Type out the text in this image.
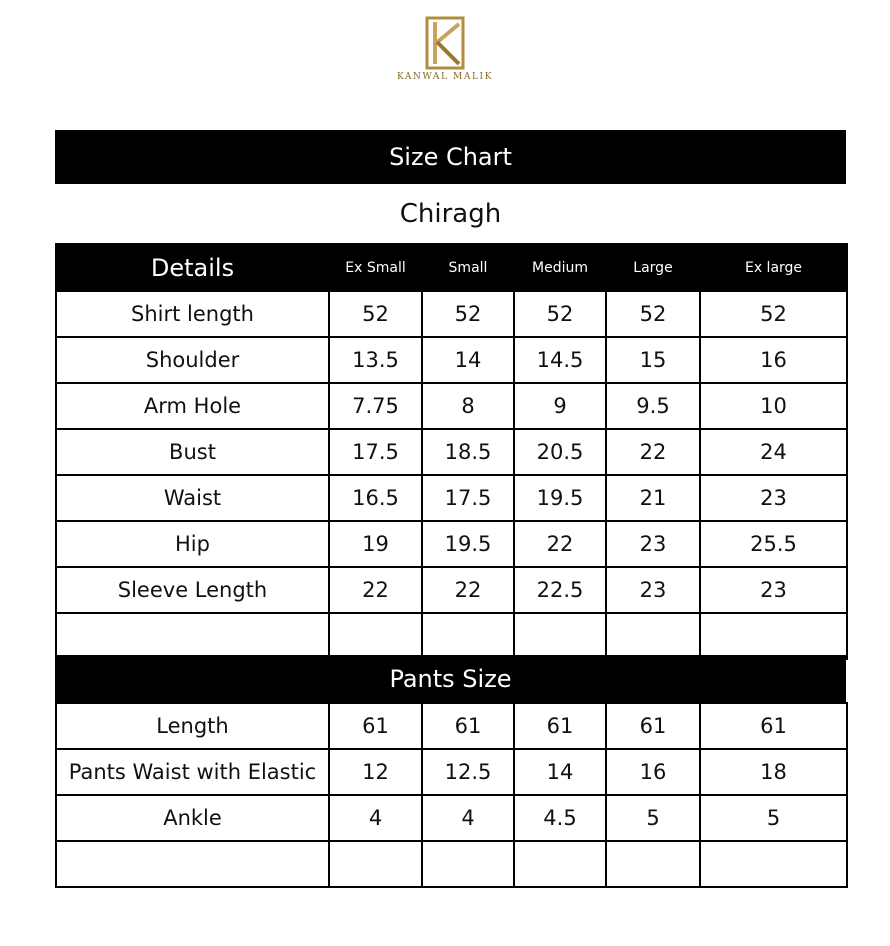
KANWAL MALIK
Size Chart
Chiragh
Details	Ex Small	Small	Medium	Large	Ex large
Shirt length	52	52	52	52	52
Shoulder	13.5	14	14.5	15	16
Arm Hole	7.75	8	9	9.5	10
Bust	17.5	18.5	20.5	22	24
Waist	16.5	17.5	19.5	21	23
Hip	19	19.5	22	23	25.5
Sleeve Length	22	22	22.5	23	23

Pants Size
Length	61	61	61	61	61
Pants Waist with Elastic	12	12.5	14	16	18
Ankle	4	4	4.5	5	5
